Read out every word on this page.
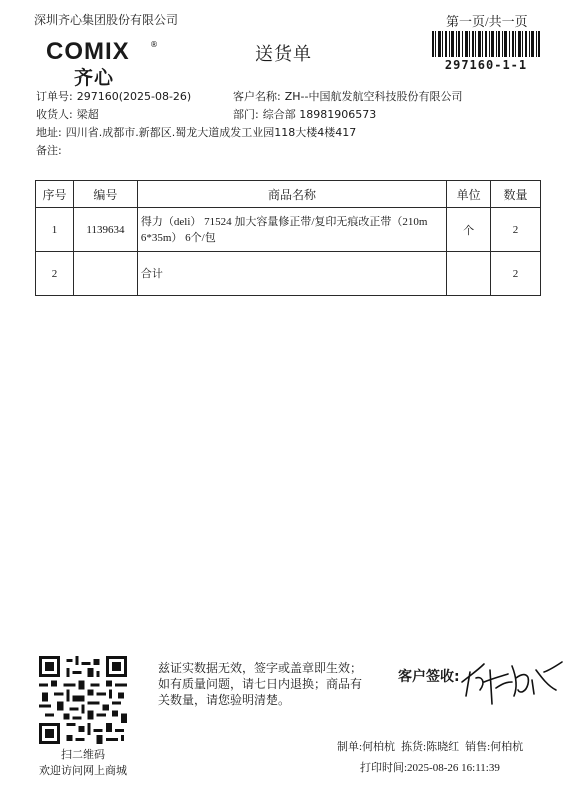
深圳齐心集团股份有限公司	第一页/共一页
297160-1-1
COMIX	®
齐心
送货单
订单号: 297160(2025-08-26)	客户名称: ZH--中国航发航空科技股份有限公司
收货人: 梁超	部门: 综合部 18981906573
地址: 四川省.成都市.新都区.蜀龙大道成发工业园118大楼4楼417
备注:
序号	编号	商品名称	单位	数量
1	1139634	得力（deli） 71524 加大容量修正带/复印无痕改正带（210m 6*35m） 6个/包	个	2
2		合计		2
扫二维码
欢迎访问网上商城
兹证实数据无效，签字或盖章即生效；如有质量问题，请七日内退换；商品有关数量，请您验明清楚。
客户签收:
制单:何柏杭 拣货:陈晓红 销售:何柏杭
打印时间:2025-08-26 16:11:39
